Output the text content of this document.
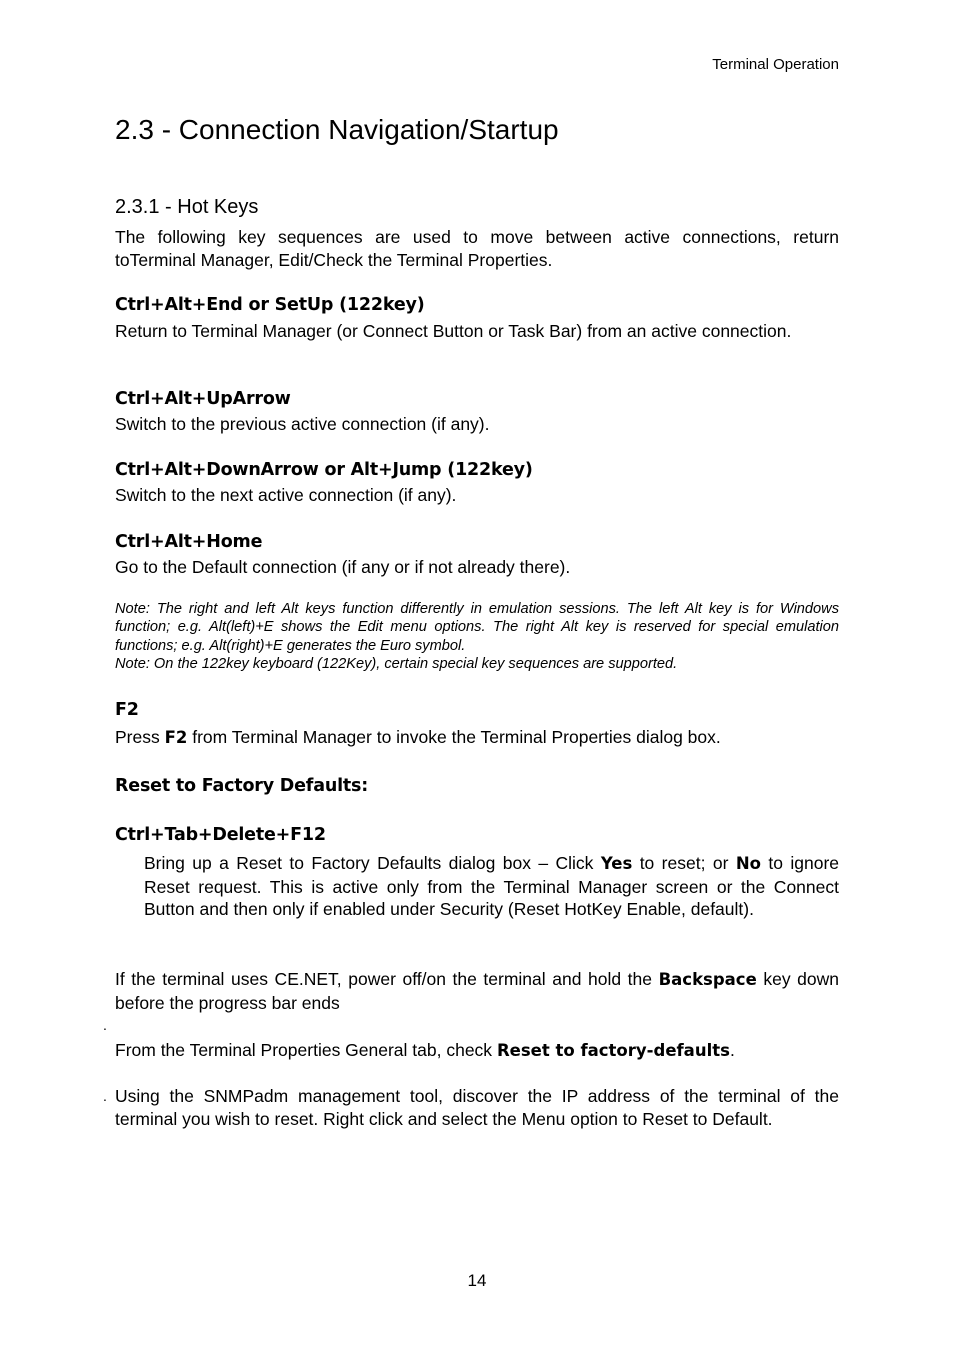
Terminal Operation
2.3 - Connection Navigation/Startup
2.3.1 - Hot Keys

The following key sequences are used to move between active connections, return toTerminal Manager, Edit/Check the Terminal Properties.

Ctrl+Alt+End or SetUp (122key)

Return to Terminal Manager (or Connect Button or Task Bar) from an active connection.

Ctrl+Alt+UpArrow

Switch to the previous active connection (if any).

Ctrl+Alt+DownArrow or Alt+Jump (122key)

Switch to the next active connection (if any).

Ctrl+Alt+Home

Go to the Default connection (if any or if not already there).

Note: The right and left Alt keys function differently in emulation sessions. The left Alt key is for Windows function; e.g. Alt(left)+E shows the Edit menu options. The right Alt key is reserved for special emulation functions; e.g. Alt(right)+E generates the Euro symbol.

Note: On the 122key keyboard (122Key), certain special key sequences are supported.

F2

Press F2 from Terminal Manager to invoke the Terminal Properties dialog box.

Reset to Factory Defaults:
Ctrl+Tab+Delete+F12

Bring up a Reset to Factory Defaults dialog box – Click Yes to reset; or No to ignore Reset request. This is active only from the Terminal Manager screen or the Connect Button and then only if enabled under Security (Reset HotKey Enable, default).

If the terminal uses CE.NET, power off/on the terminal and hold the Backspace key down before the progress bar ends

.

From the Terminal Properties General tab, check Reset to factory-defaults.

. Using the SNMPadm management tool, discover the IP address of the terminal of the terminal you wish to reset. Right click and select the Menu option to Reset to Default.

14
